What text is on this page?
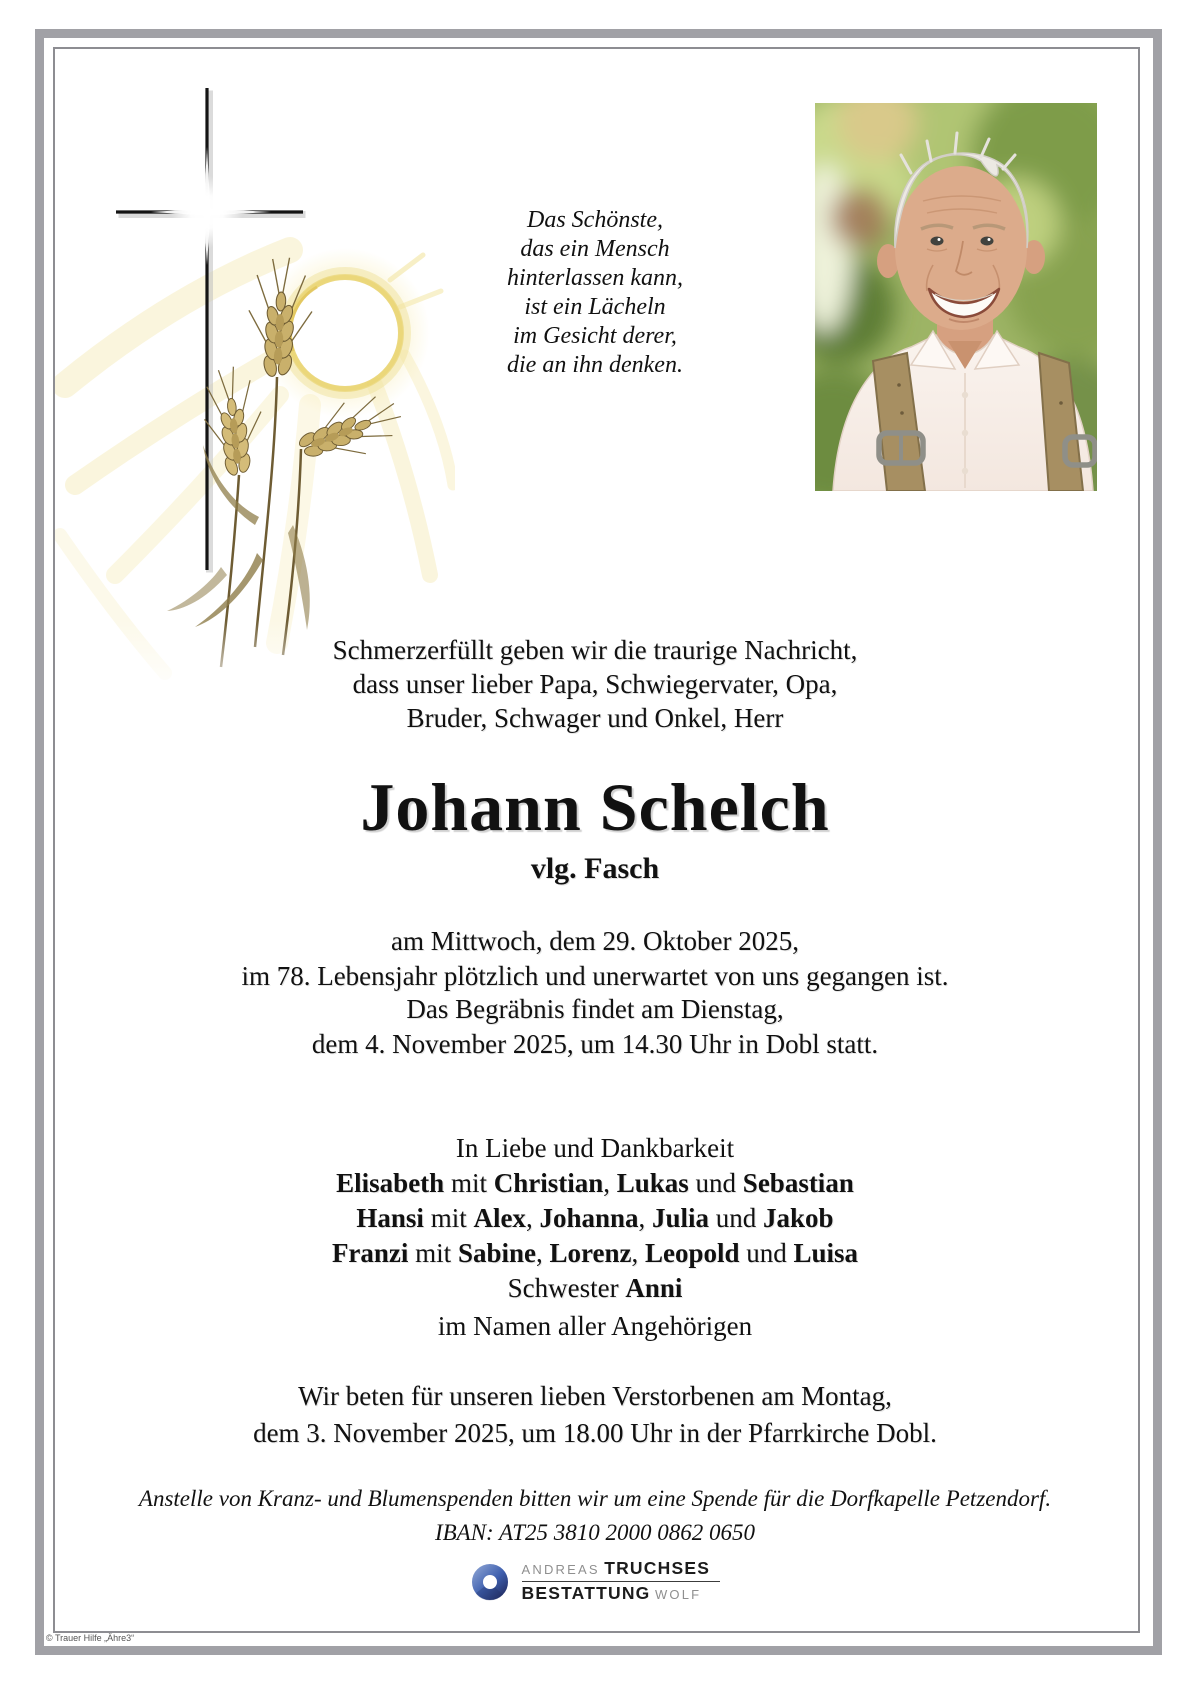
Das Schönste,
das ein Mensch
hinterlassen kann,
ist ein Lächeln
im Gesicht derer,
die an ihn denken.
Schmerzerfüllt geben wir die traurige Nachricht,
dass unser lieber Papa, Schwiegervater, Opa,
Bruder, Schwager und Onkel, Herr
Johann Schelch
vlg. Fasch
am Mittwoch, dem 29. Oktober 2025,
im 78. Lebensjahr plötzlich und unerwartet von uns gegangen ist.
Das Begräbnis findet am Dienstag,
dem 4. November 2025, um 14.30 Uhr in Dobl statt.
In Liebe und Dankbarkeit
Elisabeth mit Christian, Lukas und Sebastian
Hansi mit Alex, Johanna, Julia und Jakob
Franzi mit Sabine, Lorenz, Leopold und Luisa
Schwester Anni
im Namen aller Angehörigen
Wir beten für unseren lieben Verstorbenen am Montag,
dem 3. November 2025, um 18.00 Uhr in der Pfarrkirche Dobl.
Anstelle von Kranz- und Blumenspenden bitten wir um eine Spende für die Dorfkapelle Petzendorf.
IBAN: AT25 3810 2000 0862 0650
ANDREAS TRUCHSES
BESTATTUNG WOLF
© Trauer Hilfe „Ähre3“
